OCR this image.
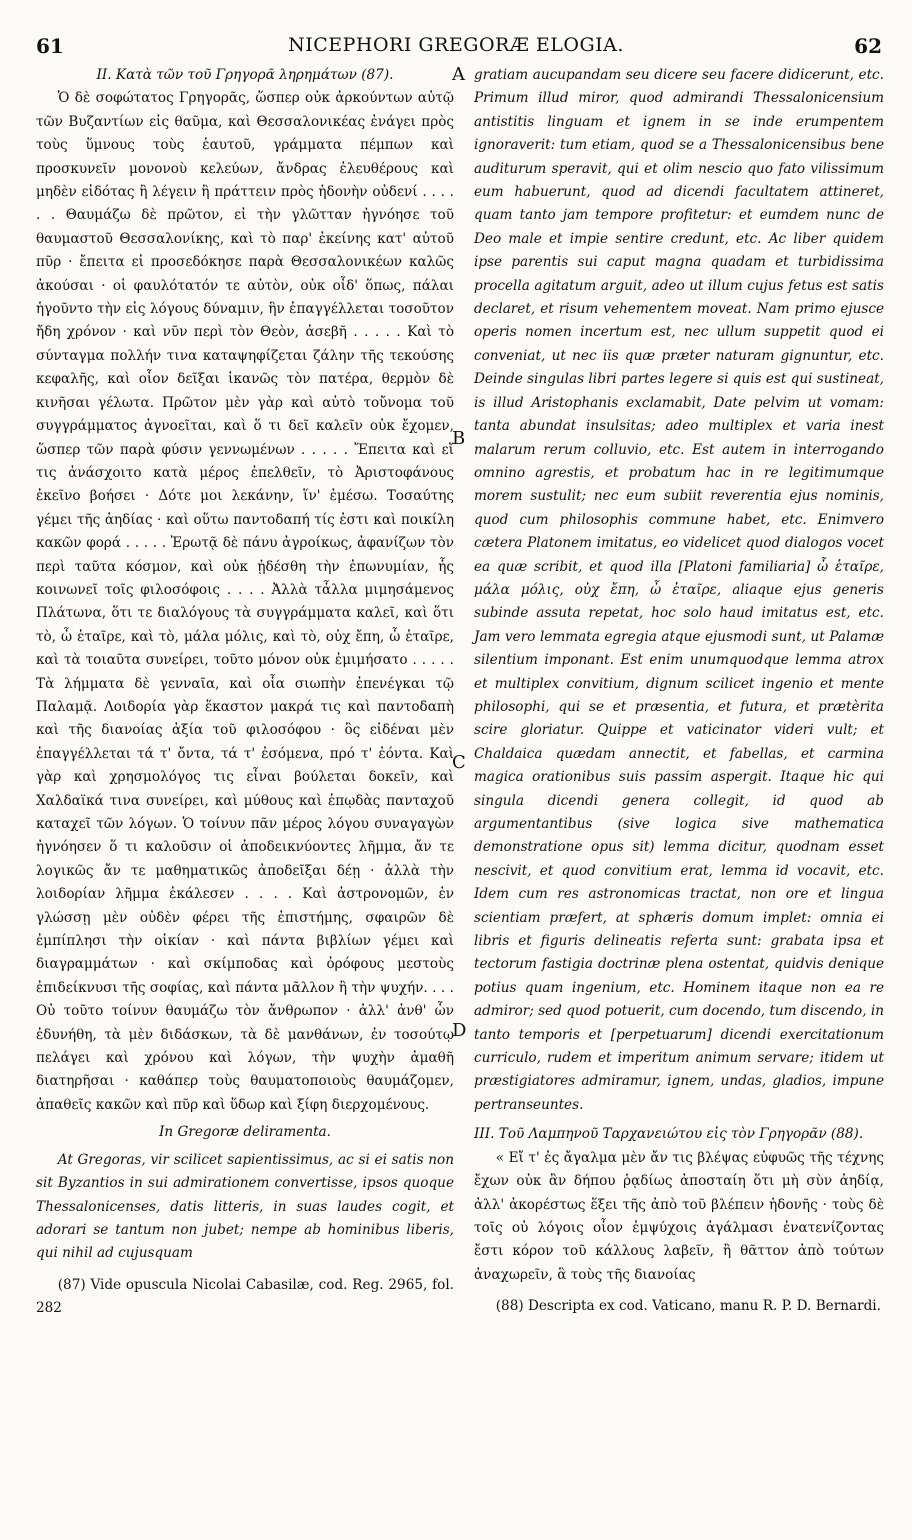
61	NICEPHORI GREGORÆ ELOGIA.	62
A
B
C
D

II. Κατὰ τῶν τοῦ Γρηγορᾶ ληρημάτων (87).

Ὁ δὲ σοφώτατος Γρηγορᾶς, ὥσπερ οὐκ ἀρκούντων αὐτῷ τῶν Βυζαντίων εἰς θαῦμα, καὶ Θεσσαλονικέας ἐνάγει πρὸς τοὺς ὕμνους τοὺς ἑαυτοῦ, γράμματα πέμπων καὶ προσκυνεῖν μονονοὺ κελεύων, ἄνδρας ἐλευθέρους καὶ μηδὲν εἰδότας ἢ λέγειν ἢ πράττειν πρὸς ἡδονὴν οὐδενί . . . . . . Θαυμάζω δὲ πρῶτον, εἰ τὴν γλῶτταν ἠγνόησε τοῦ θαυμαστοῦ Θεσσαλονίκης, καὶ τὸ παρ' ἐκείνης κατ' αὐτοῦ πῦρ · ἔπειτα εἰ προσεδόκησε παρὰ Θεσσαλονικέων καλῶς ἀκούσαι · οἱ φαυλότατόν τε αὐτὸν, οὐκ οἶδ' ὅπως, πάλαι ἡγοῦντο τὴν εἰς λόγους δύναμιν, ἣν ἐπαγγέλλεται τοσοῦτον ἤδη χρόνον · καὶ νῦν περὶ τὸν Θεὸν, ἀσεβῆ . . . . . Καὶ τὸ σύνταγμα πολλήν τινα καταψηφίζεται ζάλην τῆς τεκούσης κεφαλῆς, καὶ οἷον δεῖξαι ἱκανῶς τὸν πατέρα, θερμὸν δὲ κινῆσαι γέλωτα. Πρῶτον μὲν γὰρ καὶ αὐτὸ τοὔνομα τοῦ συγγράμματος ἀγνοεῖται, καὶ ὅ τι δεῖ καλεῖν οὐκ ἔχομεν, ὥσπερ τῶν παρὰ φύσιν γεννωμένων . . . . . Ἔπειτα καὶ εἴ τις ἀνάσχοιτο κατὰ μέρος ἐπελθεῖν, τὸ Ἀριστοφάνους ἐκεῖνο βοήσει · Δότε μοι λεκάνην, ἵν' ἐμέσω. Τοσαύτης γέμει τῆς ἀηδίας · καὶ οὕτω παντοδαπή τίς ἐστι καὶ ποικίλη κακῶν φορά . . . . . Ἐρωτᾷ δὲ πάνυ ἀγροίκως, ἀφανίζων τὸν περὶ ταῦτα κόσμον, καὶ οὐκ ᾐδέσθη τὴν ἐπωνυμίαν, ἧς κοινωνεῖ τοῖς φιλοσόφοις . . . . Ἀλλὰ τἆλλα μιμησάμενος Πλάτωνα, ὅτι τε διαλόγους τὰ συγγράμματα καλεῖ, καὶ ὅτι τὸ, ὦ ἑταῖρε, καὶ τὸ, μάλα μόλις, καὶ τὸ, οὐχ ἔπη, ὦ ἑταῖρε, καὶ τὰ τοιαῦτα συνείρει, τοῦτο μόνον οὐκ ἐμιμήσατο . . . . . Τὰ λήμματα δὲ γενναῖα, καὶ οἷα σιωπὴν ἐπενέγκαι τῷ Παλαμᾷ. Λοιδορία γὰρ ἕκαστον μακρά τις καὶ παντοδαπὴ καὶ τῆς διανοίας ἀξία τοῦ φιλοσόφου · ὃς εἰδέναι μὲν ἐπαγγέλλεται τά τ' ὄντα, τά τ' ἐσόμενα, πρό τ' ἐόντα. Καὶ γὰρ καὶ χρησμολόγος τις εἶναι βούλεται δοκεῖν, καὶ Χαλδαϊκά τινα συνείρει, καὶ μύθους καὶ ἐπῳδὰς πανταχοῦ καταχεῖ τῶν λόγων. Ὁ τοίνυν πᾶν μέρος λόγου συναγαγὼν ἠγνόησεν ὅ τι καλοῦσιν οἱ ἀποδεικνύοντες λῆμμα, ἄν τε λογικῶς ἄν τε μαθηματικῶς ἀποδεῖξαι δέῃ · ἀλλὰ τὴν λοιδορίαν λῆμμα ἐκάλεσεν . . . . Καὶ ἀστρονομῶν, ἐν γλώσσῃ μὲν οὐδὲν φέρει τῆς ἐπιστήμης, σφαιρῶν δὲ ἐμπίπλησι τὴν οἰκίαν · καὶ πάντα βιβλίων γέμει καὶ διαγραμμάτων · καὶ σκίμποδας καὶ ὀρόφους μεστοὺς ἐπιδείκνυσι τῆς σοφίας, καὶ πάντα μᾶλλον ἢ τὴν ψυχήν. . . . Οὐ τοῦτο τοίνυν θαυμάζω τὸν ἄνθρωπον · ἀλλ' ἀνθ' ὧν ἐδυνήθη, τὰ μὲν διδάσκων, τὰ δὲ μανθάνων, ἐν τοσούτῳ πελάγει καὶ χρόνου καὶ λόγων, τὴν ψυχὴν ἀμαθῆ διατηρῆσαι · καθάπερ τοὺς θαυματοποιοὺς θαυμάζομεν, ἀπαθεῖς κακῶν καὶ πῦρ καὶ ὕδωρ καὶ ξίφη διερχομένους.

In Gregoræ deliramenta.

At Gregoras, vir scilicet sapientissimus, ac si ei satis non sit Byzantios in sui admirationem convertisse, ipsos quoque Thessalonicenses, datis litteris, in suas laudes cogit, et adorari se tantum non jubet; nempe ab hominibus liberis, qui nihil ad cujusquam

(87) Vide opuscula Nicolai Cabasilæ, cod. Reg. 2965, fol. 282

gratiam aucupandam seu dicere seu facere didicerunt, etc. Primum illud miror, quod admirandi Thessalonicensium antistitis linguam et ignem in se inde erumpentem ignoraverit: tum etiam, quod se a Thessalonicensibus bene auditurum speravit, qui et olim nescio quo fato vilissimum eum habuerunt, quod ad dicendi facultatem attineret, quam tanto jam tempore profitetur: et eumdem nunc de Deo male et impie sentire credunt, etc. Ac liber quidem ipse parentis sui caput magna quadam et turbidissima procella agitatum arguit, adeo ut illum cujus fetus est satis declaret, et risum vehementem moveat. Nam primo ejusce operis nomen incertum est, nec ullum suppetit quod ei conveniat, ut nec iis quæ præter naturam gignuntur, etc. Deinde singulas libri partes legere si quis est qui sustineat, is illud Aristophanis exclamabit, Date pelvim ut vomam: tanta abundat insulsitas; adeo multiplex et varia inest malarum rerum colluvio, etc. Est autem in interrogando omnino agrestis, et probatum hac in re legitimumque morem sustulit; nec eum subiit reverentia ejus nominis, quod cum philosophis commune habet, etc. Enimvero cætera Platonem imitatus, eo videlicet quod dialogos vocet ea quæ scribit, et quod illa [Platoni familiaria] ὦ ἑταῖρε, μάλα μόλις, οὐχ ἔπη, ὦ ἑταῖρε, aliaque ejus generis subinde assuta repetat, hoc solo haud imitatus est, etc. Jam vero lemmata egregia atque ejusmodi sunt, ut Palamæ silentium imponant. Est enim unumquodque lemma atrox et multiplex convitium, dignum scilicet ingenio et mente philosophi, qui se et præsentia, et futura, et prætèrita scire gloriatur. Quippe et vaticinator videri vult; et Chaldaica quædam annectit, et fabellas, et carmina magica orationibus suis passim aspergit. Itaque hic qui singula dicendi genera collegit, id quod ab argumentantibus (sive logica sive mathematica demonstratione opus sit) lemma dicitur, quodnam esset nescivit, et quod convitium erat, lemma id vocavit, etc. Idem cum res astronomicas tractat, non ore et lingua scientiam præfert, at sphæris domum implet: omnia ei libris et figuris delineatis referta sunt: grabata ipsa et tectorum fastigia doctrinæ plena ostentat, quidvis denique potius quam ingenium, etc. Hominem itaque non ea re admiror; sed quod potuerit, cum docendo, tum discendo, in tanto temporis et [perpetuarum] dicendi exercitationum curriculo, rudem et imperitum animum servare; itidem ut præstigiatores admiramur, ignem, undas, gladios, impune pertranseuntes.

III. Τοῦ Λαμπηνοῦ Ταρχανειώτου εἰς τὸν Γρηγορᾶν (88).

« Εἴ τ' ἐς ἄγαλμα μὲν ἄν τις βλέψας εὐφυῶς τῆς τέχνης ἔχων οὐκ ἂν δήπου ῥᾳδίως ἀποσταίη ὅτι μὴ σὺν ἀηδίᾳ, ἀλλ' ἀκορέστως ἕξει τῆς ἀπὸ τοῦ βλέπειν ἡδονῆς · τοὺς δὲ τοῖς οὐ λόγοις οἷον ἐμψύχοις ἀγάλμασι ἐνατενίζοντας ἔστι κόρον τοῦ κάλλους λαβεῖν, ἢ θᾶττον ἀπὸ τούτων ἀναχωρεῖν, ἃ τοὺς τῆς διανοίας

(88) Descripta ex cod. Vaticano, manu R. P. D. Bernardi.
